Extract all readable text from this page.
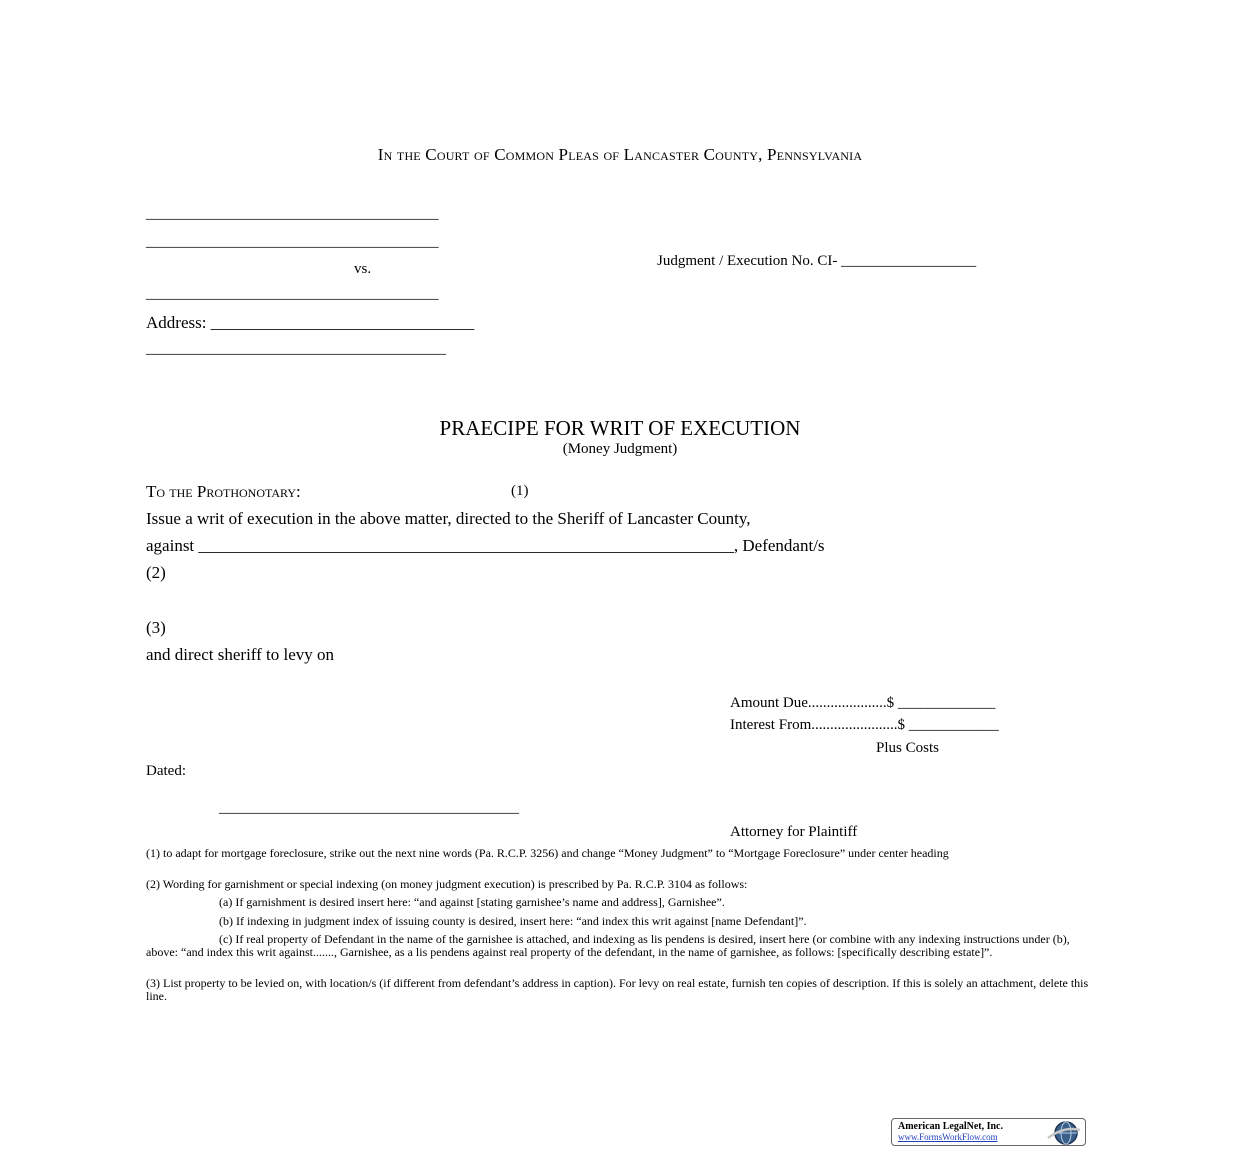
In the Court of Common Pleas of Lancaster County, Pennsylvania
_______________________________________
_______________________________________
vs.
_______________________________________
Address: _______________________________
________________________________________
Judgment / Execution No. CI- __________________
PRAECIPE FOR WRIT OF EXECUTION
(Money Judgment)
To the Prothonotary:	(1)
Issue a writ of execution in the above matter, directed to the Sheriff of Lancaster County,
against _______________________________________________________________, Defendant/s
(2)
(3)
and direct sheriff to levy on
Amount Due.....................$ _____________
Interest From.......................$ ____________
Plus Costs
Dated:
________________________________________
Attorney for Plaintiff
(1) to adapt for mortgage foreclosure, strike out the next nine words (Pa. R.C.P. 3256) and change “Money Judgment” to “Mortgage Foreclosure” under center heading
(2) Wording for garnishment or special indexing (on money judgment execution) is prescribed by Pa. R.C.P. 3104 as follows:
(a) If garnishment is desired insert here: “and against [stating garnishee’s name and address], Garnishee”.
(b) If indexing in judgment index of issuing county is desired, insert here: “and index this writ against [name Defendant]”.
(c) If real property of Defendant in the name of the garnishee is attached, and indexing as lis pendens is desired, insert here (or combine with any indexing instructions under (b), above: “and index this writ against......., Garnishee, as a lis pendens against real property of the defendant, in the name of garnishee, as follows: [specifically describing estate]”.
(3) List property to be levied on, with location/s (if different from defendant’s address in caption). For levy on real estate, furnish ten copies of description. If this is solely an attachment, delete this line.
American LegalNet, Inc.
www.FormsWorkFlow.com
